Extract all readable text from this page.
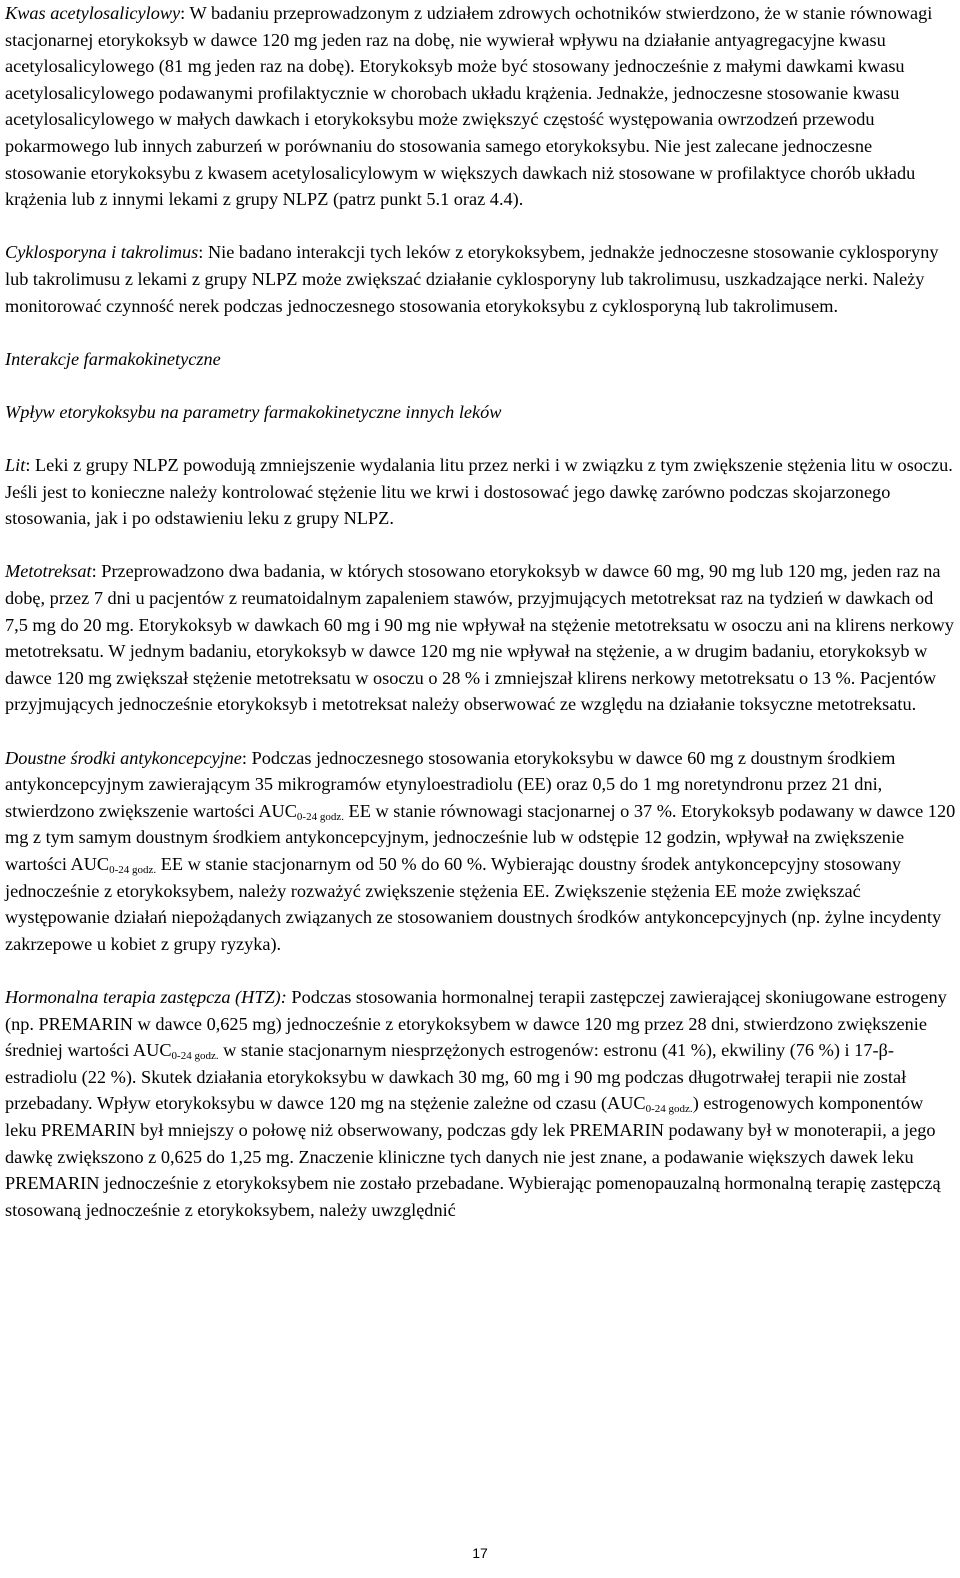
Kwas acetylosalicylowy: W badaniu przeprowadzonym z udziałem zdrowych ochotników stwierdzono, że w stanie równowagi stacjonarnej etorykoksyb w dawce 120 mg jeden raz na dobę, nie wywierał wpływu na działanie antyagregacyjne kwasu acetylosalicylowego (81 mg jeden raz na dobę). Etorykoksyb może być stosowany jednocześnie z małymi dawkami kwasu acetylosalicylowego podawanymi profilaktycznie w chorobach układu krążenia. Jednakże, jednoczesne stosowanie kwasu acetylosalicylowego w małych dawkach i etorykoksybu może zwiększyć częstość występowania owrzodzeń przewodu pokarmowego lub innych zaburzeń w porównaniu do stosowania samego etorykoksybu. Nie jest zalecane jednoczesne stosowanie etorykoksybu z kwasem acetylosalicylowym w większych dawkach niż stosowane w profilaktyce chorób układu krążenia lub z innymi lekami z grupy NLPZ (patrz punkt 5.1 oraz 4.4).

Cyklosporyna i takrolimus: Nie badano interakcji tych leków z etorykoksybem, jednakże jednoczesne stosowanie cyklosporyny lub takrolimusu z lekami z grupy NLPZ może zwiększać działanie cyklosporyny lub takrolimusu, uszkadzające nerki. Należy monitorować czynność nerek podczas jednoczesnego stosowania etorykoksybu z cyklosporyną lub takrolimusem.

Interakcje farmakokinetyczne

Wpływ etorykoksybu na parametry farmakokinetyczne innych leków

Lit: Leki z grupy NLPZ powodują zmniejszenie wydalania litu przez nerki i w związku z tym zwiększenie stężenia litu w osoczu. Jeśli jest to konieczne należy kontrolować stężenie litu we krwi i dostosować jego dawkę zarówno podczas skojarzonego stosowania, jak i po odstawieniu leku z grupy NLPZ.

Metotreksat: Przeprowadzono dwa badania, w których stosowano etorykoksyb w dawce 60 mg, 90 mg lub 120 mg, jeden raz na dobę, przez 7 dni u pacjentów z reumatoidalnym zapaleniem stawów, przyjmujących metotreksat raz na tydzień w dawkach od 7,5 mg do 20 mg. Etorykoksyb w dawkach 60 mg i 90 mg nie wpływał na stężenie metotreksatu w osoczu ani na klirens nerkowy metotreksatu. W jednym badaniu, etorykoksyb w dawce 120 mg nie wpływał na stężenie, a w drugim badaniu, etorykoksyb w dawce 120 mg zwiększał stężenie metotreksatu w osoczu o 28 % i zmniejszał klirens nerkowy metotreksatu o 13 %. Pacjentów przyjmujących jednocześnie etorykoksyb i metotreksat należy obserwować ze względu na działanie toksyczne metotreksatu.

Doustne środki antykoncepcyjne: Podczas jednoczesnego stosowania etorykoksybu w dawce 60 mg z doustnym środkiem antykoncepcyjnym zawierającym 35 mikrogramów etynyloestradiolu (EE) oraz 0,5 do 1 mg noretyndronu przez 21 dni, stwierdzono zwiększenie wartości $AUC_{0-24 godz.}$ EE w stanie równowagi stacjonarnej o 37 %. Etorykoksyb podawany w dawce 120 mg z tym samym doustnym środkiem antykoncepcyjnym, jednocześnie lub w odstępie 12 godzin, wpływał na zwiększenie wartości $AUC_{0-24 godz.}$ EE w stanie stacjonarnym od 50 % do 60 %. Wybierając doustny środek antykoncepcyjny stosowany jednocześnie z etorykoksybem, należy rozważyć zwiększenie stężenia EE. Zwiększenie stężenia EE może zwiększać występowanie działań niepożądanych związanych ze stosowaniem doustnych środków antykoncepcyjnych (np. żylne incydenty zakrzepowe u kobiet z grupy ryzyka).

Hormonalna terapia zastępcza (HTZ): Podczas stosowania hormonalnej terapii zastępczej zawierającej skoniugowane estrogeny (np. PREMARIN w dawce 0,625 mg) jednocześnie z etorykoksybem w dawce 120 mg przez 28 dni, stwierdzono zwiększenie średniej wartości $AUC_{0-24 godz.}$ w stanie stacjonarnym niesprzężonych estrogenów: estronu (41 %), ekwiliny (76 %) i 17-β-estradiolu (22 %). Skutek działania etorykoksybu w dawkach 30 mg, 60 mg i 90 mg podczas długotrwałej terapii nie został przebadany. Wpływ etorykoksybu w dawce 120 mg na stężenie zależne od czasu $(AUC_{0-24 godz.})$ estrogenowych komponentów leku PREMARIN był mniejszy o połowę niż obserwowany, podczas gdy lek PREMARIN podawany był w monoterapii, a jego dawkę zwiększono z 0,625 do 1,25 mg. Znaczenie kliniczne tych danych nie jest znane, a podawanie większych dawek leku PREMARIN jednocześnie z etorykoksybem nie zostało przebadane. Wybierając pomenopauzalną hormonalną terapię zastępczą stosowaną jednocześnie z etorykoksybem, należy uwzględnić

17
